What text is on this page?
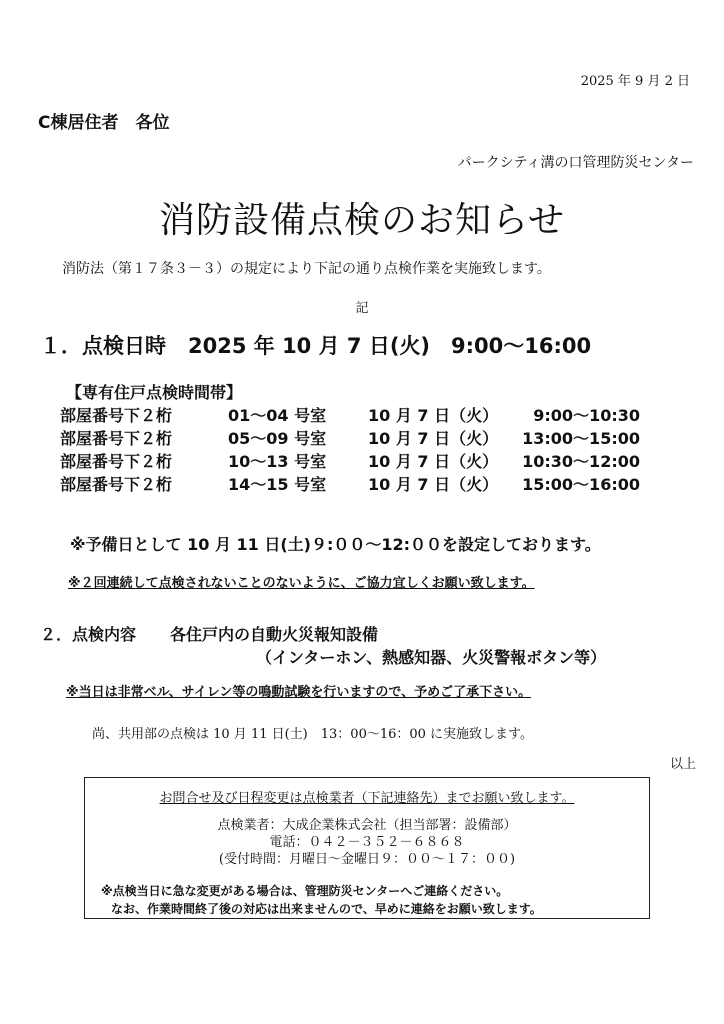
2025 年 9 月 2 日
C棟居住者　各位
パークシティ溝の口管理防災センター
消防設備点検のお知らせ
消防法（第１７条３－３）の規定により下記の通り点検作業を実施致します。
記
１．点検日時 2025 年 10 月 7 日(火)　9:00～16:00
【専有住戸点検時間帯】
部屋番号下２桁	01～04 号室	10 月 7 日（火）	9:00～10:30
部屋番号下２桁	05～09 号室	10 月 7 日（火）	13:00～15:00
部屋番号下２桁	10～13 号室	10 月 7 日（火）	10:30～12:00
部屋番号下２桁	14～15 号室	10 月 7 日（火）	15:00～16:00
※予備日として 10 月 11 日(土)９:００～12:００を設定しております。
※２回連続して点検されないことのないように、ご協力宜しくお願い致します。
２．点検内容 各住戸内の自動火災報知設備
（インターホン、熱感知器、火災警報ボタン等）
※当日は非常ベル、サイレン等の鳴動試験を行いますので、予めご了承下さい。
尚、共用部の点検は 10 月 11 日(土)　13：00～16：00 に実施致します。
以上
お問合せ及び日程変更は点検業者（下記連絡先）までお願い致します。
点検業者：大成企業株式会社（担当部署：設備部）
電話：０４２－３５２－６８６８
(受付時間：月曜日～金曜日９：００～１７：００)
※点検当日に急な変更がある場合は、管理防災センターへご連絡ください。
なお、作業時間終了後の対応は出来ませんので、早めに連絡をお願い致します。
